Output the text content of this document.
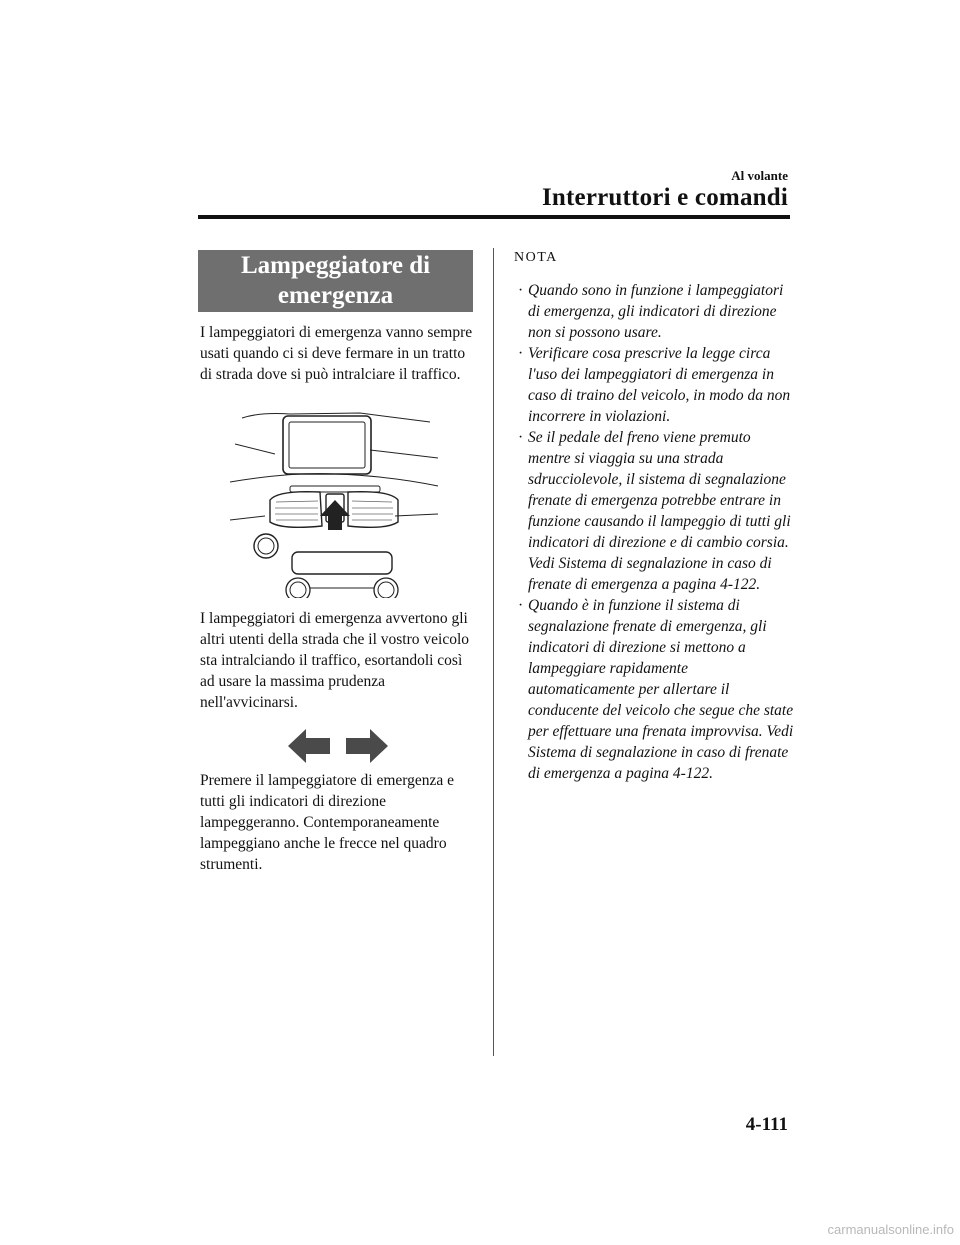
Al volante
Interruttori e comandi
Lampeggiatore di emergenza

I lampeggiatori di emergenza vanno sempre usati quando ci si deve fermare in un tratto di strada dove si può intralciare il traffico.

I lampeggiatori di emergenza avvertono gli altri utenti della strada che il vostro veicolo sta intralciando il traffico, esortandoli così ad usare la massima prudenza nell'avvicinarsi.

Premere il lampeggiatore di emergenza e tutti gli indicatori di direzione lampeggeranno. Contemporaneamente lampeggiano anche le frecce nel quadro strumenti.

NOTA
· Quando sono in funzione i lampeggiatori di emergenza, gli indicatori di direzione non si possono usare.
· Verificare cosa prescrive la legge circa l'uso dei lampeggiatori di emergenza in caso di traino del veicolo, in modo da non incorrere in violazioni.
· Se il pedale del freno viene premuto mentre si viaggia su una strada sdrucciolevole, il sistema di segnalazione frenate di emergenza potrebbe entrare in funzione causando il lampeggio di tutti gli indicatori di direzione e di cambio corsia. Vedi Sistema di segnalazione in caso di frenate di emergenza a pagina 4-122.
· Quando è in funzione il sistema di segnalazione frenate di emergenza, gli indicatori di direzione si mettono a lampeggiare rapidamente automaticamente per allertare il conducente del veicolo che segue che state per effettuare una frenata improvvisa. Vedi Sistema di segnalazione in caso di frenate di emergenza a pagina 4-122.
4-111
carmanualsonline.info
